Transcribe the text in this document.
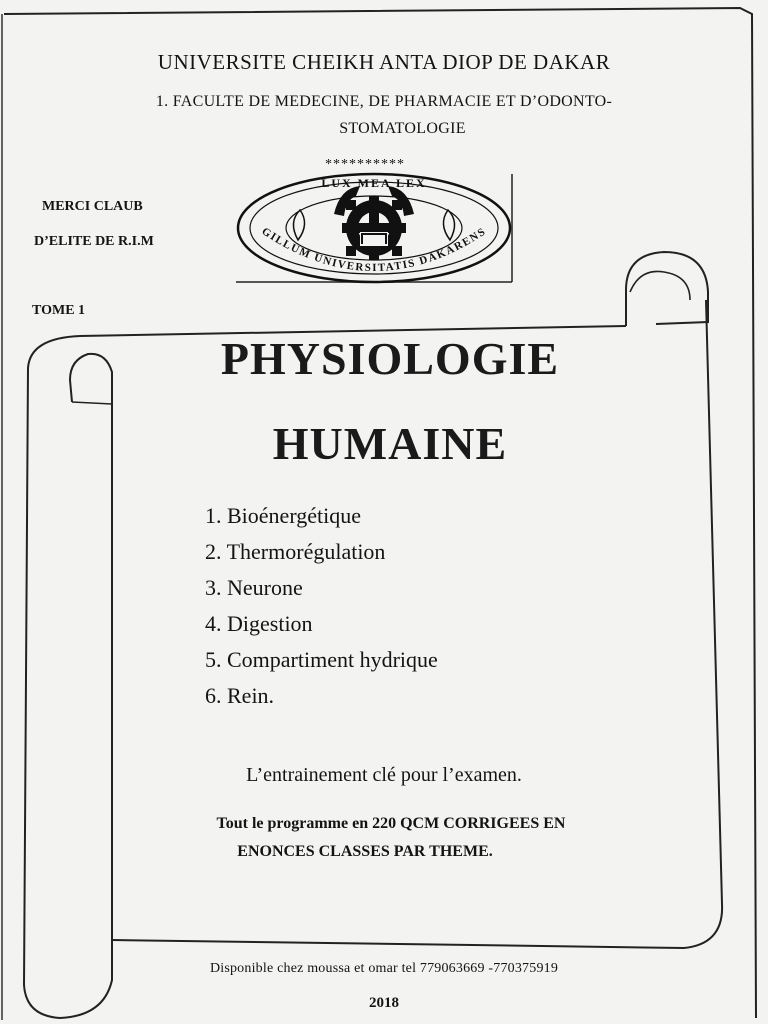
UNIVERSITE CHEIKH ANTA DIOP DE DAKAR
1. FACULTE DE MEDECINE, DE PHARMACIE ET D’ODONTO-
STOMATOLOGIE
**********
MERCI CLAUB
D’ELITE DE R.I.M
TOME 1
LUX MEA LEX
GILLUM UNIVERSITATIS DAKARENS
PHYSIOLOGIE
HUMAINE
1. Bioénergétique
2. Thermorégulation
3. Neurone
4. Digestion
5. Compartiment hydrique
6. Rein.
L’entrainement clé pour l’examen.
Tout le programme en 220 QCM CORRIGEES EN
ENONCES CLASSES PAR THEME.
Disponible chez moussa et omar tel 779063669 -770375919
2018
